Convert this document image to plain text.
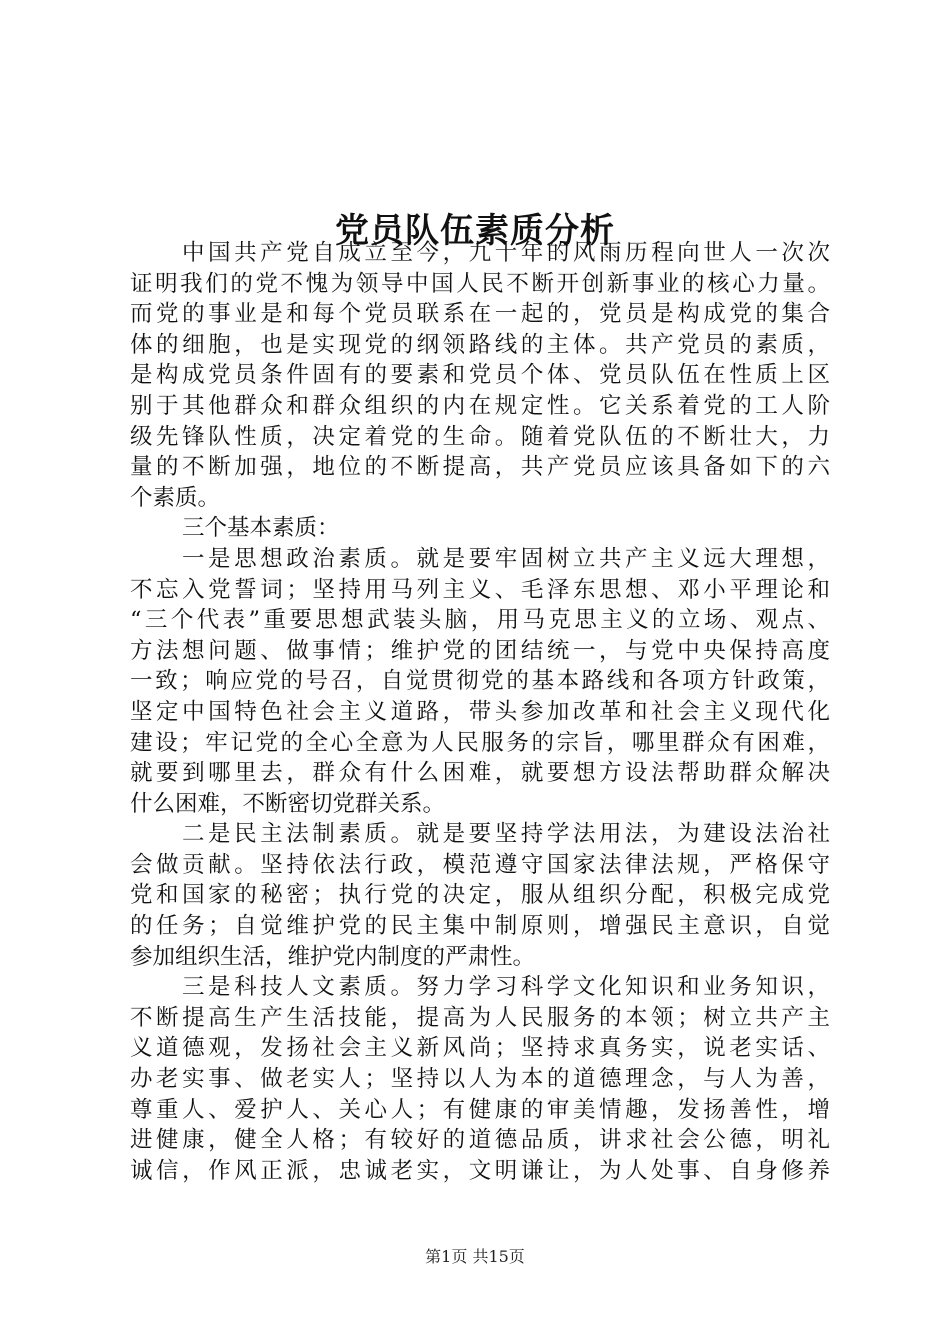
党员队伍素质分析
中国共产党自成立至今，九十年的风雨历程向世人一次次
证明我们的党不愧为领导中国人民不断开创新事业的核心力量。
而党的事业是和每个党员联系在一起的，党员是构成党的集合
体的细胞，也是实现党的纲领路线的主体。共产党员的素质，
是构成党员条件固有的要素和党员个体、党员队伍在性质上区
别于其他群众和群众组织的内在规定性。它关系着党的工人阶
级先锋队性质，决定着党的生命。随着党队伍的不断壮大，力
量的不断加强，地位的不断提高，共产党员应该具备如下的六
个素质。
三个基本素质：
一是思想政治素质。就是要牢固树立共产主义远大理想，
不忘入党誓词；坚持用马列主义、毛泽东思想、邓小平理论和
“三个代表”重要思想武装头脑，用马克思主义的立场、观点、
方法想问题、做事情；维护党的团结统一，与党中央保持高度
一致；响应党的号召，自觉贯彻党的基本路线和各项方针政策，
坚定中国特色社会主义道路，带头参加改革和社会主义现代化
建设；牢记党的全心全意为人民服务的宗旨，哪里群众有困难，
就要到哪里去，群众有什么困难，就要想方设法帮助群众解决
什么困难，不断密切党群关系。
二是民主法制素质。就是要坚持学法用法，为建设法治社
会做贡献。坚持依法行政，模范遵守国家法律法规，严格保守
党和国家的秘密；执行党的决定，服从组织分配，积极完成党
的任务；自觉维护党的民主集中制原则，增强民主意识，自觉
参加组织生活，维护党内制度的严肃性。
三是科技人文素质。努力学习科学文化知识和业务知识，
不断提高生产生活技能，提高为人民服务的本领；树立共产主
义道德观，发扬社会主义新风尚；坚持求真务实，说老实话、
办老实事、做老实人；坚持以人为本的道德理念，与人为善，
尊重人、爱护人、关心人；有健康的审美情趣，发扬善性，增
进健康，健全人格；有较好的道德品质，讲求社会公德，明礼
诚信，作风正派，忠诚老实，文明谦让，为人处事、自身修养
第1页 共15页
